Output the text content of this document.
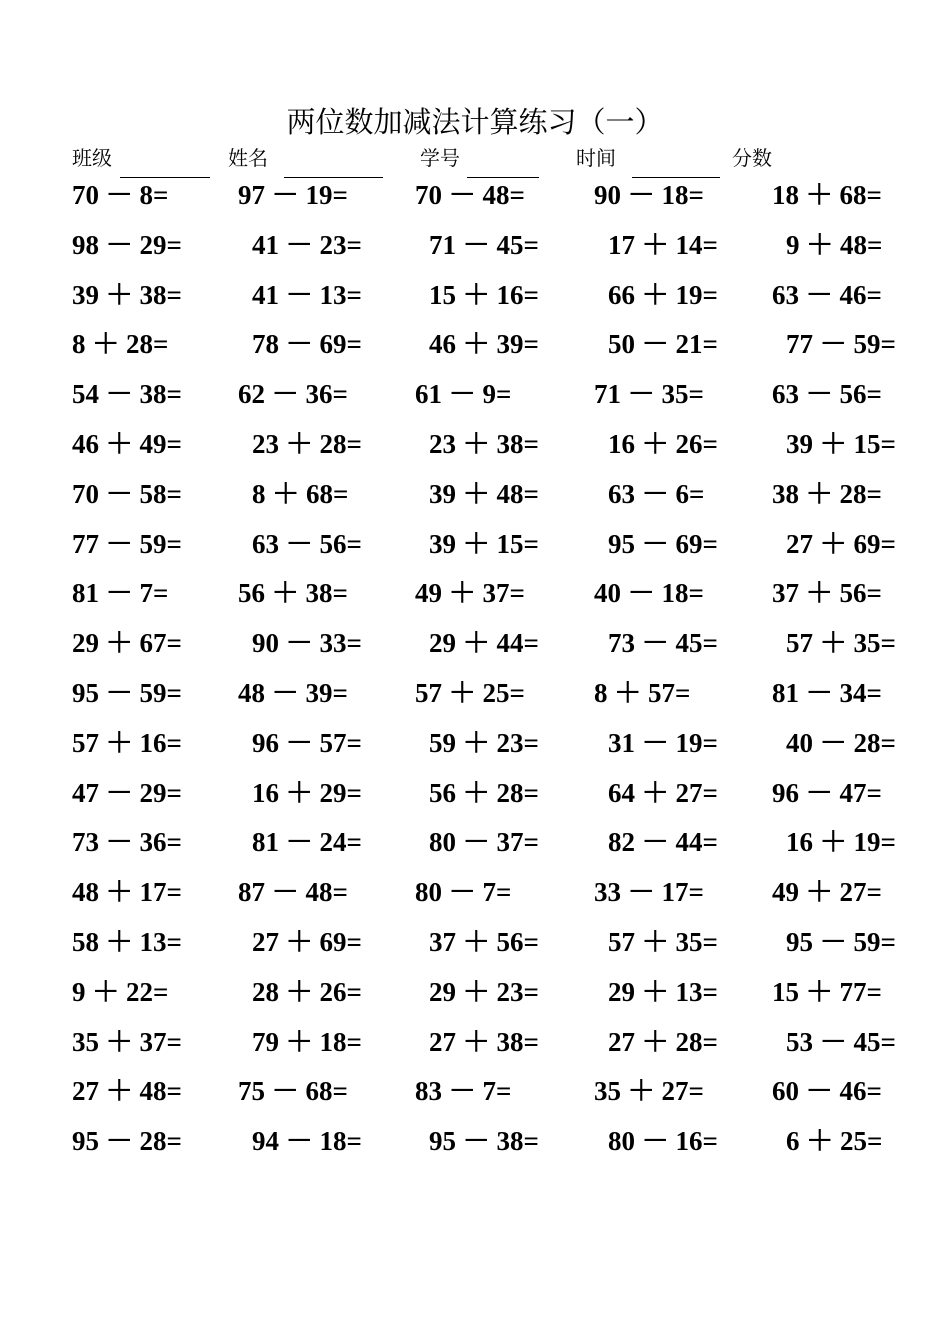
两位数加减法计算练习（一）
班级	姓名	学号	时间	分数
70 － 8=	97 － 19= 70 － 48=	90 － 18=	18 ＋ 68=
98 － 29=	41 － 23= 71 － 45=	17 ＋ 14=	9 ＋ 48=
39 ＋ 38=	41 － 13= 15 ＋ 16=	66 ＋ 19= 63 － 46=
8 ＋ 28=	78 － 69= 46 ＋ 39=	50 － 21=	77 － 59=
54 － 38= 62 － 36= 61 － 9=	71 － 35=	63 － 56=
46 ＋ 49=	23 ＋ 28= 23 ＋ 38=	16 ＋ 26=	39 ＋ 15=
70 － 58=	8 ＋ 68=	39 ＋ 48=	63 － 6=	38 ＋ 28=
77 － 59=	63 － 56= 39 ＋ 15=	95 － 69=	27 ＋ 69=
81 － 7=	56 ＋ 38= 49 ＋ 37=	40 － 18=	37 ＋ 56=
29 ＋ 67=	90 － 33= 29 ＋ 44=	73 － 45=	57 ＋ 35=
95 － 59= 48 － 39= 57 ＋ 25=	8 ＋ 57=	81 － 34=
57 ＋ 16=	96 － 57= 59 ＋ 23=	31 － 19=	40 － 28=
47 － 29=	16 ＋ 29= 56 ＋ 28=	64 ＋ 27= 96 － 47=
73 － 36=	81 － 24= 80 － 37=	82 － 44=	16 ＋ 19=
48 ＋ 17= 87 － 48= 80 － 7=	33 － 17=	49 ＋ 27=
58 ＋ 13=	27 ＋ 69= 37 ＋ 56=	57 ＋ 35=	95 － 59=
9 ＋ 22=	28 ＋ 26= 29 ＋ 23=	29 ＋ 13= 15 ＋ 77=
35 ＋ 37=	79 ＋ 18= 27 ＋ 38=	27 ＋ 28=	53 － 45=
27 ＋ 48= 75 － 68= 83 － 7=	35 ＋ 27=	60 － 46=
95 － 28=	94 － 18= 95 － 38=	80 － 16=	6 ＋ 25=
